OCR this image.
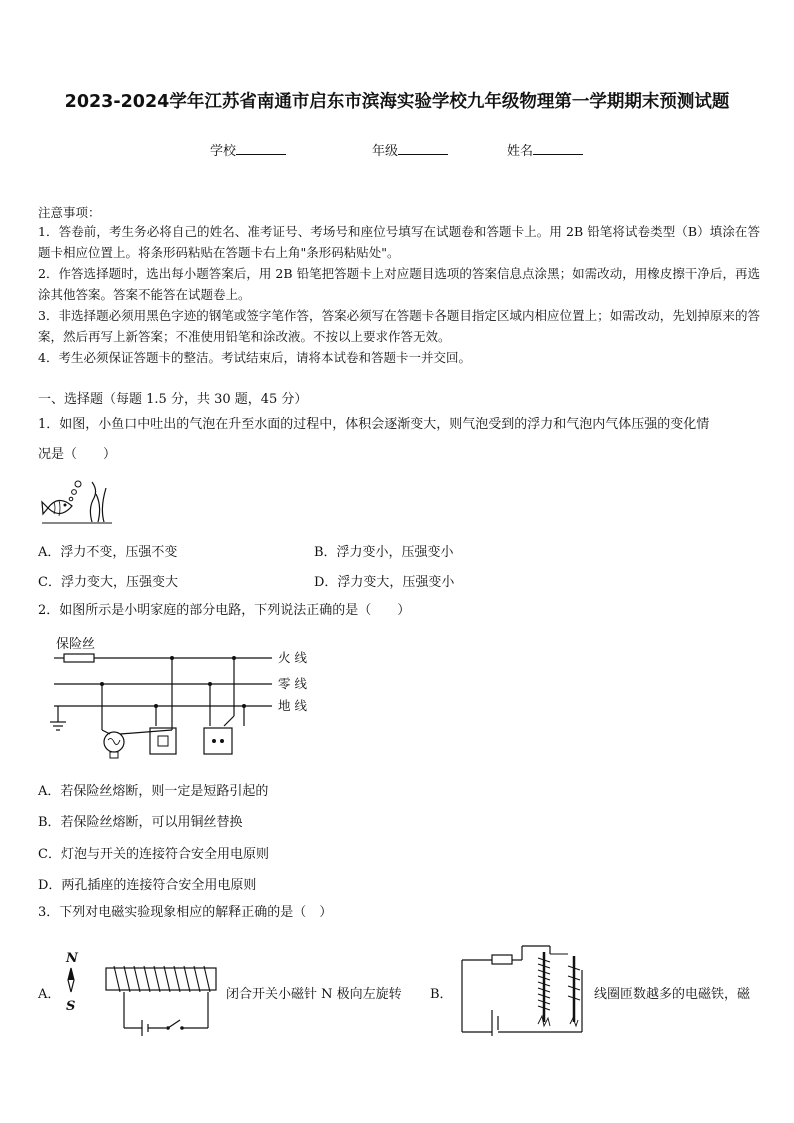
2023-2024学年江苏省南通市启东市滨海实验学校九年级物理第一学期期末预测试题
学校	年级	姓名
注意事项：
1．答卷前，考生务必将自己的姓名、准考证号、考场号和座位号填写在试题卷和答题卡上。用 2B 铅笔将试卷类型（B）填涂在答题卡相应位置上。将条形码粘贴在答题卡右上角"条形码粘贴处"。
2．作答选择题时，选出每小题答案后，用 2B 铅笔把答题卡上对应题目选项的答案信息点涂黑；如需改动，用橡皮擦干净后，再选涂其他答案。答案不能答在试题卷上。
3．非选择题必须用黑色字迹的钢笔或签字笔作答，答案必须写在答题卡各题目指定区域内相应位置上；如需改动，先划掉原来的答案，然后再写上新答案；不准使用铅笔和涂改液。不按以上要求作答无效。
4．考生必须保证答题卡的整洁。考试结束后，请将本试卷和答题卡一并交回。
一、选择题（每题 1.5 分，共 30 题，45 分）
1．如图，小鱼口中吐出的气泡在升至水面的过程中，体积会逐渐变大，则气泡受到的浮力和气泡内气体压强的变化情
况是（　　）
A．浮力不变，压强不变	B．浮力变小，压强变小
C．浮力变大，压强变大	D．浮力变大，压强变小
2．如图所示是小明家庭的部分电路，下列说法正确的是（　　）
保险丝
火 线
零 线
地 线
A．若保险丝熔断，则一定是短路引起的
B．若保险丝熔断，可以用铜丝替换
C．灯泡与开关的连接符合安全用电原则
D．两孔插座的连接符合安全用电原则
3．下列对电磁实验现象相应的解释正确的是（　）
A．
N
S
闭合开关小磁针 N 极向左旋转 B．	线圈匝数越多的电磁铁，磁
